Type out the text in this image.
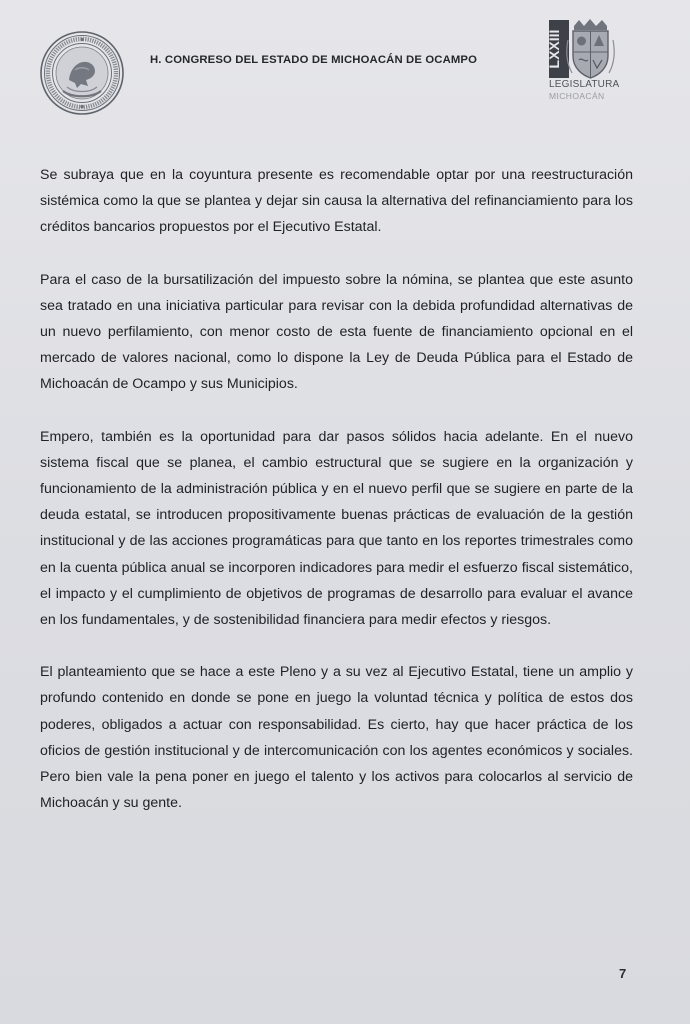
H. CONGRESO DEL ESTADO DE MICHOACÁN DE OCAMPO	LXXIII
LEGISLATURA
MICHOACÁN

Se subraya que en la coyuntura presente es recomendable optar por una reestructuración sistémica como la que se plantea y dejar sin causa la alternativa del refinanciamiento para los créditos bancarios propuestos por el Ejecutivo Estatal.

Para el caso de la bursatilización del impuesto sobre la nómina, se plantea que este asunto sea tratado en una iniciativa particular para revisar con la debida profundidad alternativas de un nuevo perfilamiento, con menor costo de esta fuente de financiamiento opcional en el mercado de valores nacional, como lo dispone la Ley de Deuda Pública para el Estado de Michoacán de Ocampo y sus Municipios.

Empero, también es la oportunidad para dar pasos sólidos hacia adelante. En el nuevo sistema fiscal que se planea, el cambio estructural que se sugiere en la organización y funcionamiento de la administración pública y en el nuevo perfil que se sugiere en parte de la deuda estatal, se introducen propositivamente buenas prácticas de evaluación de la gestión institucional y de las acciones programáticas para que tanto en los reportes trimestrales como en la cuenta pública anual se incorporen indicadores para medir el esfuerzo fiscal sistemático, el impacto y el cumplimiento de objetivos de programas de desarrollo para evaluar el avance en los fundamentales, y de sostenibilidad financiera para medir efectos y riesgos.

El planteamiento que se hace a este Pleno y a su vez al Ejecutivo Estatal, tiene un amplio y profundo contenido en donde se pone en juego la voluntad técnica y política de estos dos poderes, obligados a actuar con responsabilidad. Es cierto, hay que hacer práctica de los oficios de gestión institucional y de intercomunicación con los agentes económicos y sociales. Pero bien vale la pena poner en juego el talento y los activos para colocarlos al servicio de Michoacán y su gente.

7
